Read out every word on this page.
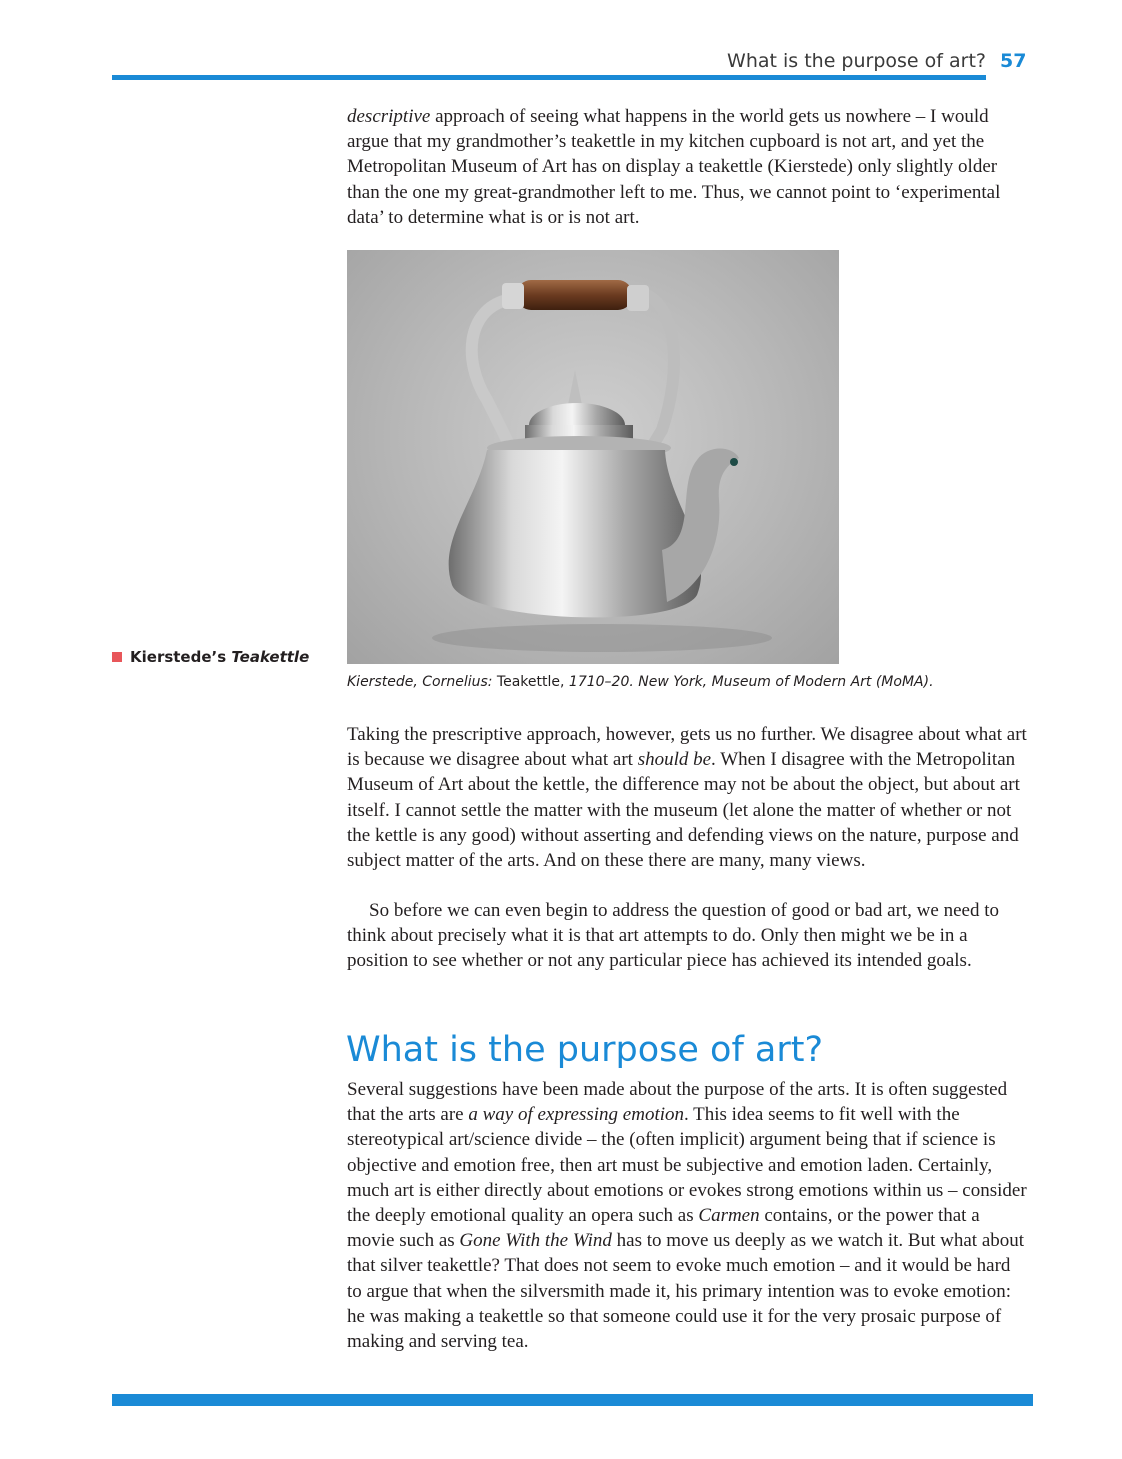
What is the purpose of art? 57

descriptive approach of seeing what happens in the world gets us nowhere – I would argue that my grandmother’s teakettle in my kitchen cupboard is not art, and yet the Metropolitan Museum of Art has on display a teakettle (Kierstede) only slightly older than the one my great-grandmother left to me. Thus, we cannot point to ‘experimental data’ to determine what is or is not art.

Kierstede’s Teakettle
Kierstede, Cornelius: Teakettle, 1710–20. New York, Museum of Modern Art (MoMA).

Taking the prescriptive approach, however, gets us no further. We disagree about what art is because we disagree about what art should be. When I disagree with the Metropolitan Museum of Art about the kettle, the difference may not be about the object, but about art itself. I cannot settle the matter with the museum (let alone the matter of whether or not the kettle is any good) without asserting and defending views on the nature, purpose and subject matter of the arts. And on these there are many, many views.

So before we can even begin to address the question of good or bad art, we need to think about precisely what it is that art attempts to do. Only then might we be in a position to see whether or not any particular piece has achieved its intended goals.

What is the purpose of art?

Several suggestions have been made about the purpose of the arts. It is often suggested that the arts are a way of expressing emotion. This idea seems to fit well with the stereotypical art/science divide – the (often implicit) argument being that if science is objective and emotion free, then art must be subjective and emotion laden. Certainly, much art is either directly about emotions or evokes strong emotions within us – consider the deeply emotional quality an opera such as Carmen contains, or the power that a movie such as Gone With the Wind has to move us deeply as we watch it. But what about that silver teakettle? That does not seem to evoke much emotion – and it would be hard to argue that when the silversmith made it, his primary intention was to evoke emotion: he was making a teakettle so that someone could use it for the very prosaic purpose of making and serving tea.
